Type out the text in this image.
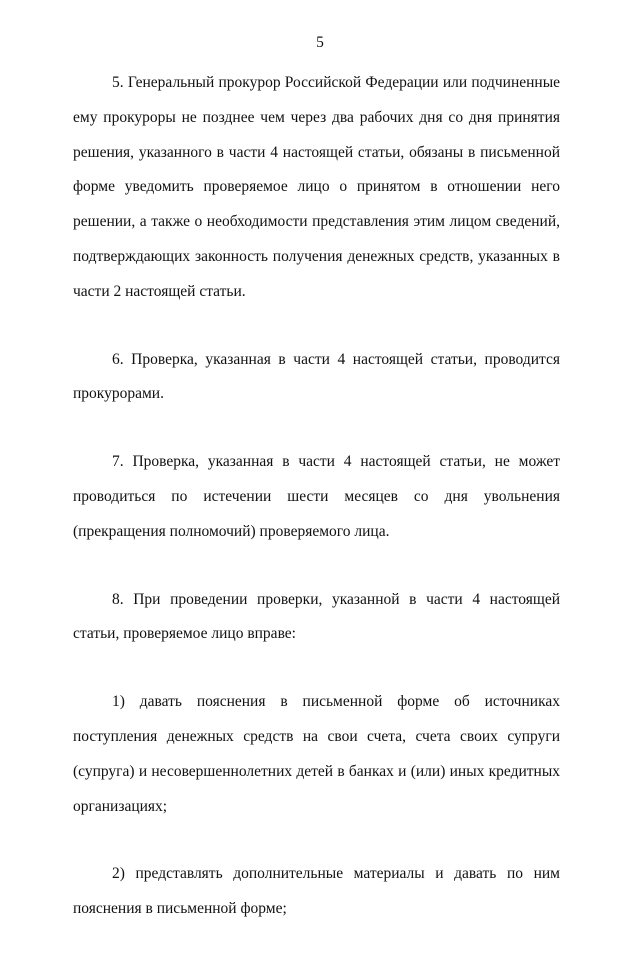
5

5. Генеральный прокурор Российской Федерации или подчиненные ему прокуроры не позднее чем через два рабочих дня со дня принятия решения, указанного в части 4 настоящей статьи, обязаны в письменной форме уведомить проверяемое лицо о принятом в отношении него решении, а также о необходимости представления этим лицом сведений, подтверждающих законность получения денежных средств, указанных в части 2 настоящей статьи.

6. Проверка, указанная в части 4 настоящей статьи, проводится прокурорами.

7. Проверка, указанная в части 4 настоящей статьи, не может проводиться по истечении шести месяцев со дня увольнения (прекращения полномочий) проверяемого лица.

8. При проведении проверки, указанной в части 4 настоящей статьи, проверяемое лицо вправе:

1) давать пояснения в письменной форме об источниках поступления денежных средств на свои счета, счета своих супруги (супруга) и несовершеннолетних детей в банках и (или) иных кредитных организациях;

2) представлять дополнительные материалы и давать по ним пояснения в письменной форме;
